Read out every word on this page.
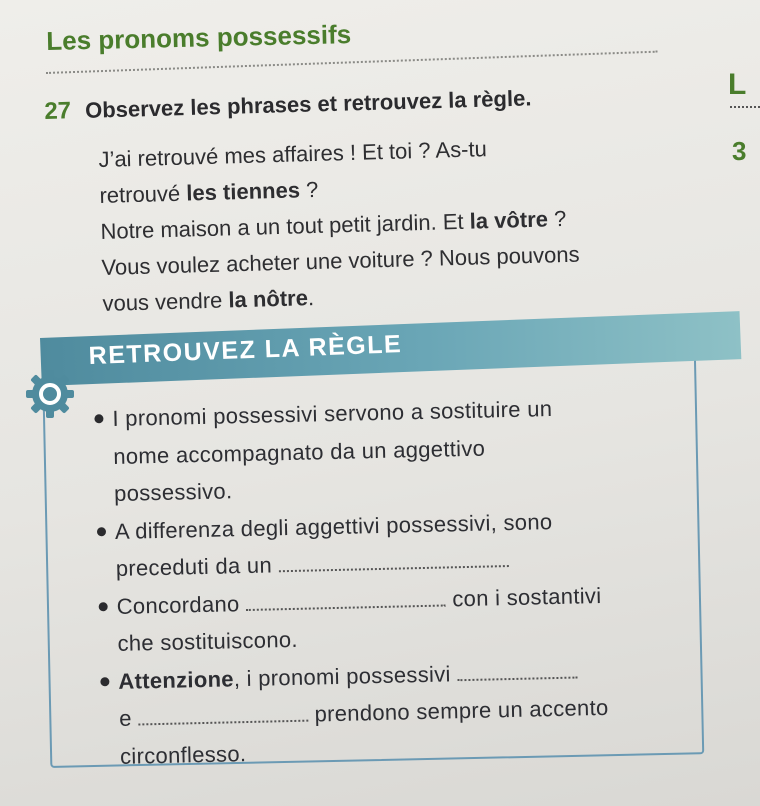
Les pronoms possessifs
L
3
27 Observez les phrases et retrouvez la règle.

J’ai retrouvé mes affaires ! Et toi ? As-tu

retrouvé les tiennes ?

Notre maison a un tout petit jardin. Et la vôtre ?

Vous voulez acheter une voiture ? Nous pouvons

vous vendre la nôtre.

RETROUVEZ LA RÈGLE
I pronomi possessivi servono a sostituire un
nome accompagnato da un aggettivo
possessivo.
A differenza degli aggettivi possessivi, sono
preceduti da un
Concordano	con i sostantivi
che sostituiscono.
Attenzione, i pronomi possessivi
e	prendono sempre un accento
circonflesso.
